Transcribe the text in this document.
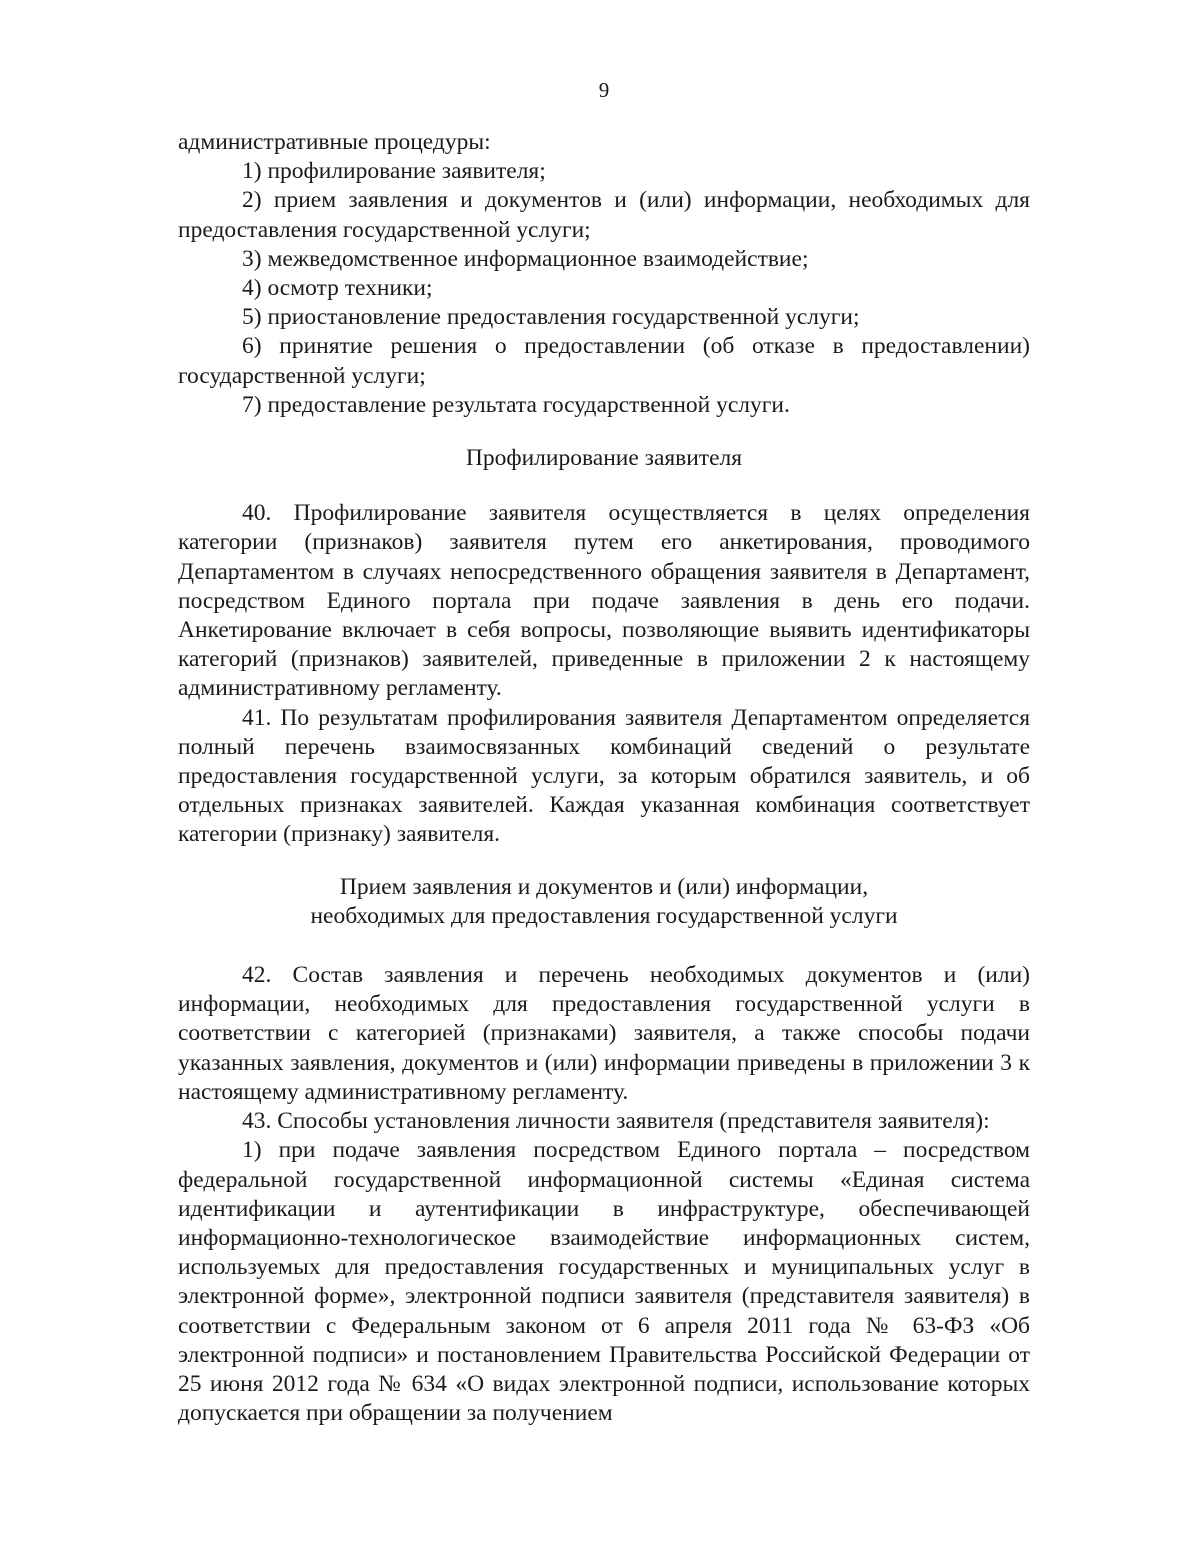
9

административные процедуры:

1) профилирование заявителя;

2) прием заявления и документов и (или) информации, необходимых для предоставления государственной услуги;

3) межведомственное информационное взаимодействие;

4) осмотр техники;

5) приостановление предоставления государственной услуги;

6) принятие решения о предоставлении (об отказе в предоставлении) государственной услуги;

7) предоставление результата государственной услуги.

Профилирование заявителя

40. Профилирование заявителя осуществляется в целях определения категории (признаков) заявителя путем его анкетирования, проводимого Департаментом в случаях непосредственного обращения заявителя в Департамент, посредством Единого портала при подаче заявления в день его подачи. Анкетирование включает в себя вопросы, позволяющие выявить идентификаторы категорий (признаков) заявителей, приведенные в приложении 2 к настоящему административному регламенту.

41. По результатам профилирования заявителя Департаментом определяется полный перечень взаимосвязанных комбинаций сведений о результате предоставления государственной услуги, за которым обратился заявитель, и об отдельных признаках заявителей. Каждая указанная комбинация соответствует категории (признаку) заявителя.

Прием заявления и документов и (или) информации,
необходимых для предоставления государственной услуги

42. Состав заявления и перечень необходимых документов и (или) информации, необходимых для предоставления государственной услуги в соответствии с категорией (признаками) заявителя, а также способы подачи указанных заявления, документов и (или) информации приведены в приложении 3 к настоящему административному регламенту.

43. Способы установления личности заявителя (представителя заявителя):

1) при подаче заявления посредством Единого портала – посредством федеральной государственной информационной системы «Единая система идентификации и аутентификации в инфраструктуре, обеспечивающей информационно-технологическое взаимодействие информационных систем, используемых для предоставления государственных и муниципальных услуг в электронной форме», электронной подписи заявителя (представителя заявителя) в соответствии с Федеральным законом от 6 апреля 2011 года № 63-ФЗ «Об электронной подписи» и постановлением Правительства Российской Федерации от 25 июня 2012 года № 634 «О видах электронной подписи, использование которых допускается при обращении за получением
